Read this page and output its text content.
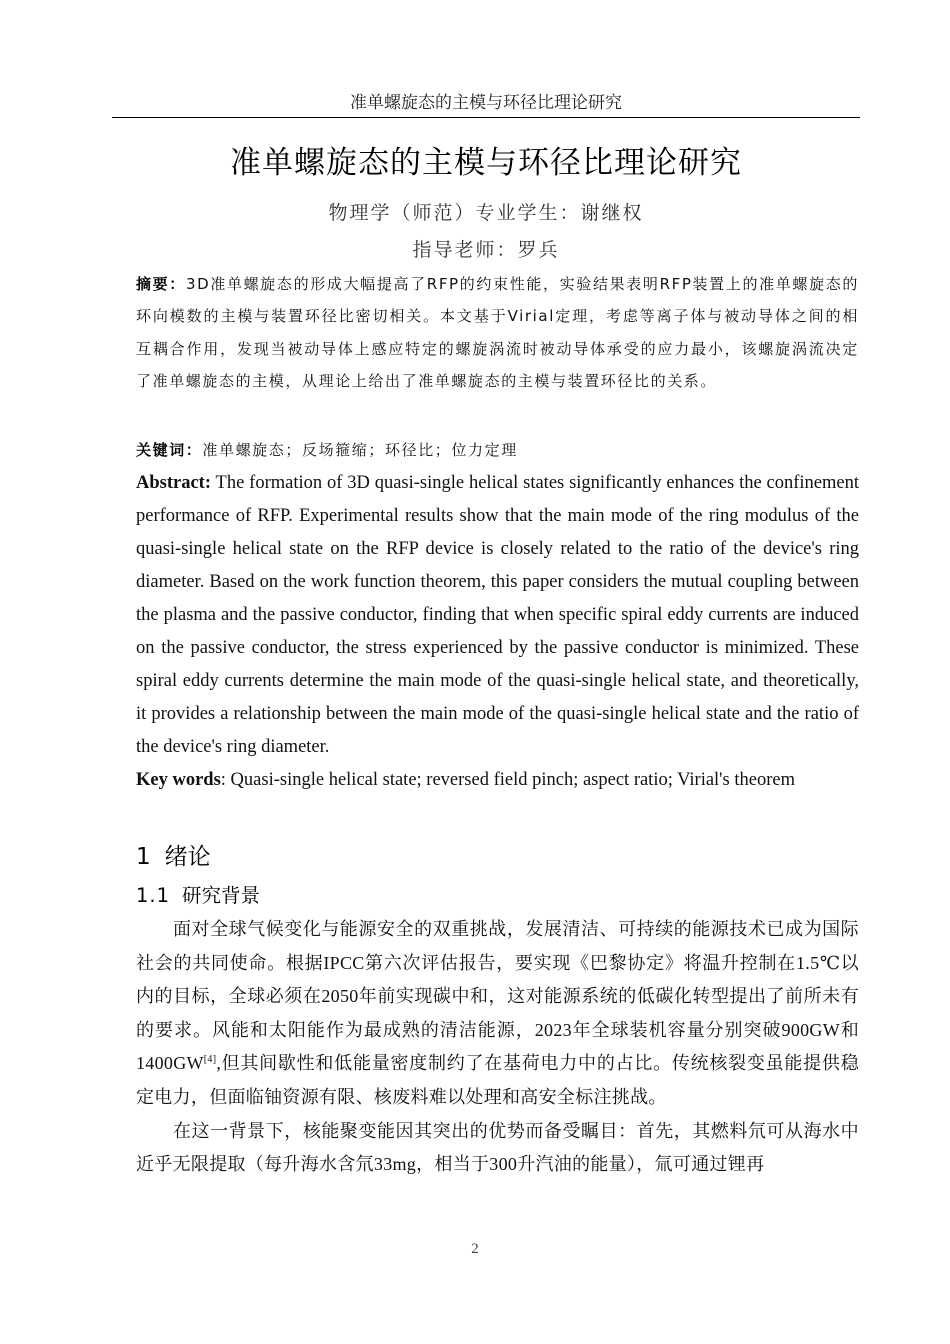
准单螺旋态的主模与环径比理论研究
准单螺旋态的主模与环径比理论研究
物理学（师范）专业学生：谢继权
指导老师：罗兵

摘要：3D准单螺旋态的形成大幅提高了RFP的约束性能，实验结果表明RFP装置上的准单螺旋态的环向模数的主模与装置环径比密切相关。本文基于Virial定理，考虑等离子体与被动导体之间的相互耦合作用，发现当被动导体上感应特定的螺旋涡流时被动导体承受的应力最小，该螺旋涡流决定了准单螺旋态的主模，从理论上给出了准单螺旋态的主模与装置环径比的关系。

关键词：准单螺旋态；反场箍缩；环径比；位力定理

Abstract: The formation of 3D quasi-single helical states significantly enhances the confinement performance of RFP. Experimental results show that the main mode of the ring modulus of the quasi-single helical state on the RFP device is closely related to the ratio of the device's ring diameter. Based on the work function theorem, this paper considers the mutual coupling between the plasma and the passive conductor, finding that when specific spiral eddy currents are induced on the passive conductor, the stress experienced by the passive conductor is minimized. These spiral eddy currents determine the main mode of the quasi-single helical state, and theoretically, it provides a relationship between the main mode of the quasi-single helical state and the ratio of the device's ring diameter.

Key words: Quasi-single helical state; reversed field pinch; aspect ratio; Virial's theorem

1 绪论
1.1 研究背景

面对全球气候变化与能源安全的双重挑战，发展清洁、可持续的能源技术已成为国际社会的共同使命。根据IPCC第六次评估报告，要实现《巴黎协定》将温升控制在1.5℃以内的目标，全球必须在2050年前实现碳中和，这对能源系统的低碳化转型提出了前所未有的要求。风能和太阳能作为最成熟的清洁能源，2023年全球装机容量分别突破900GW和1400GW[4],但其间歇性和低能量密度制约了在基荷电力中的占比。传统核裂变虽能提供稳定电力，但面临铀资源有限、核废料难以处理和高安全标注挑战。

在这一背景下，核能聚变能因其突出的优势而备受瞩目：首先，其燃料氘可从海水中近乎无限提取（每升海水含氘33mg，相当于300升汽油的能量），氚可通过锂再

2
